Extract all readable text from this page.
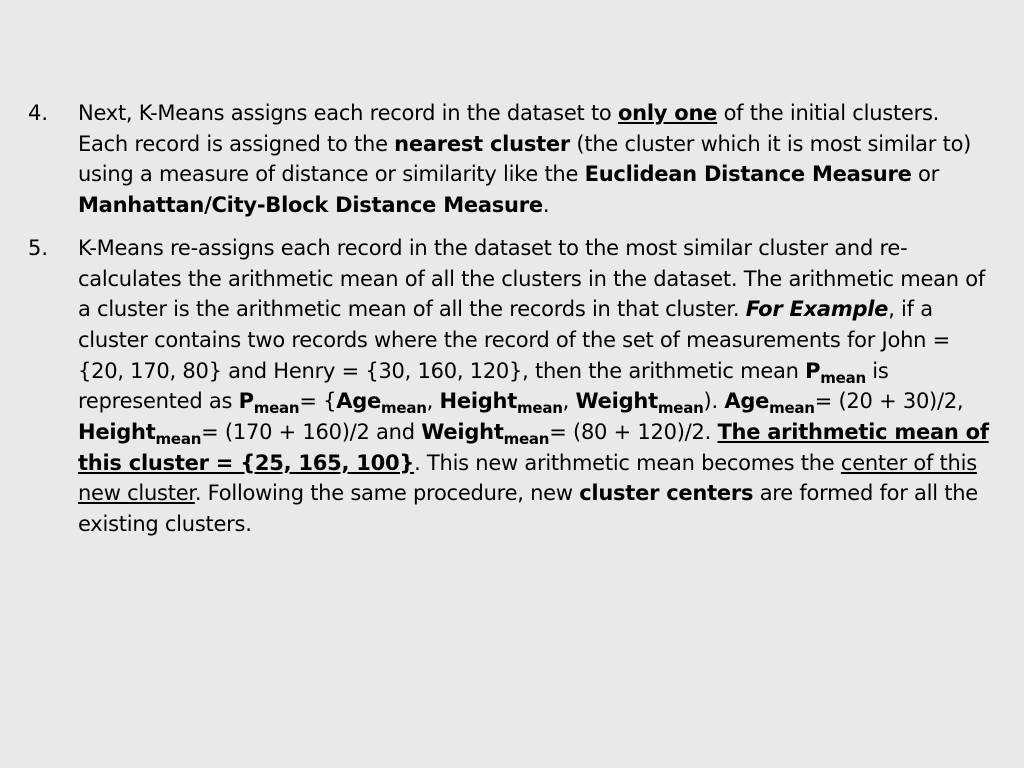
4.	Next, K-Means assigns each record in the dataset to only one of the initial clusters. Each record is assigned to the nearest cluster (the cluster which it is most similar to) using a measure of distance or similarity like the Euclidean Distance Measure or Manhattan/City-Block Distance Measure.
5.	K-Means re-assigns each record in the dataset to the most similar cluster and re-calculates the arithmetic mean of all the clusters in the dataset. The arithmetic mean of a cluster is the arithmetic mean of all the records in that cluster. For Example, if a cluster contains two records where the record of the set of measurements for John = {20, 170, 80} and Henry = {30, 160, 120}, then the arithmetic mean $P_{mean}$ is represented as $P_{mean}= \{Age_{mean}$, Height$_{mean}$, Weight$_{mean}$). Age$_{mean}$= (20 + 30)/2, Height$_{mean}$= (170 + 160)/2 and Weight$_{mean}$= (80 + 120)/2. The arithmetic mean of this cluster = {25, 165, 100}. This new arithmetic mean becomes the center of this new cluster. Following the same procedure, new cluster centers are formed for all the existing clusters.
